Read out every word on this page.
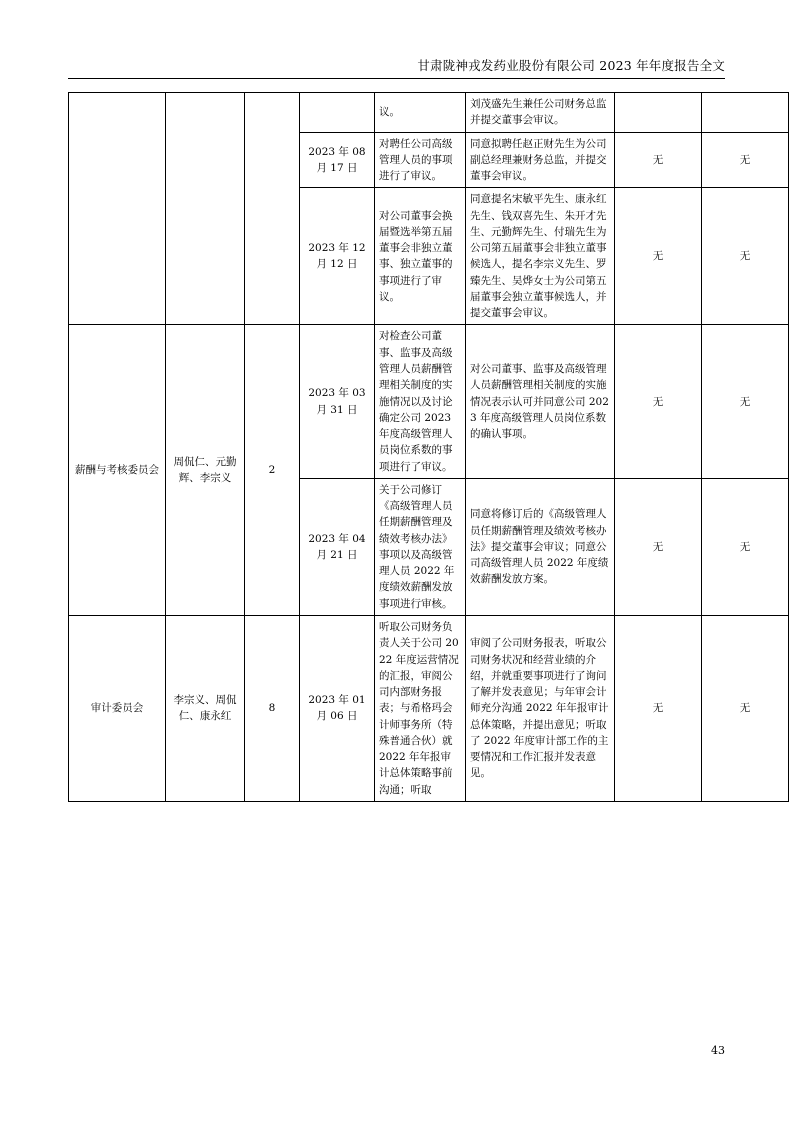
甘肃陇神戎发药业股份有限公司 2023 年年度报告全文
				议。	刘茂盛先生兼任公司财务总监并提交董事会审议。		
			2023 年 08 月 17 日	对聘任公司高级管理人员的事项进行了审议。	同意拟聘任赵正财先生为公司副总经理兼财务总监，并提交董事会审议。	无	无
			2023 年 12 月 12 日	对公司董事会换届暨选举第五届董事会非独立董事、独立董事的事项进行了审议。	同意提名宋敏平先生、康永红先生、钱双喜先生、朱开才先生、元勤辉先生、付瑞先生为公司第五届董事会非独立董事候选人，提名李宗义先生、罗臻先生、吴烨女士为公司第五届董事会独立董事候选人，并提交董事会审议。	无	无
薪酬与考核委员会	周侃仁、元勤辉、李宗义	2	2023 年 03 月 31 日	对检查公司董事、监事及高级管理人员薪酬管理相关制度的实施情况以及讨论确定公司 2023 年度高级管理人员岗位系数的事项进行了审议。	对公司董事、监事及高级管理人员薪酬管理相关制度的实施情况表示认可并同意公司 2023 年度高级管理人员岗位系数的确认事项。	无	无
			2023 年 04 月 21 日	关于公司修订《高级管理人员任期薪酬管理及绩效考核办法》事项以及高级管理人员 2022 年度绩效薪酬发放事项进行审核。	同意将修订后的《高级管理人员任期薪酬管理及绩效考核办法》提交董事会审议；同意公司高级管理人员 2022 年度绩效薪酬发放方案。	无	无
审计委员会	李宗义、周侃仁、康永红	8	2023 年 01 月 06 日	听取公司财务负责人关于公司 2022 年度运营情况的汇报，审阅公司内部财务报表；与希格玛会计师事务所（特殊普通合伙）就 2022 年年报审计总体策略事前沟通；听取	审阅了公司财务报表，听取公司财务状况和经营业绩的介绍，并就重要事项进行了询问了解并发表意见；与年审会计师充分沟通 2022 年年报审计总体策略，并提出意见；听取了 2022 年度审计部工作的主要情况和工作汇报并发表意见。	无	无
43
